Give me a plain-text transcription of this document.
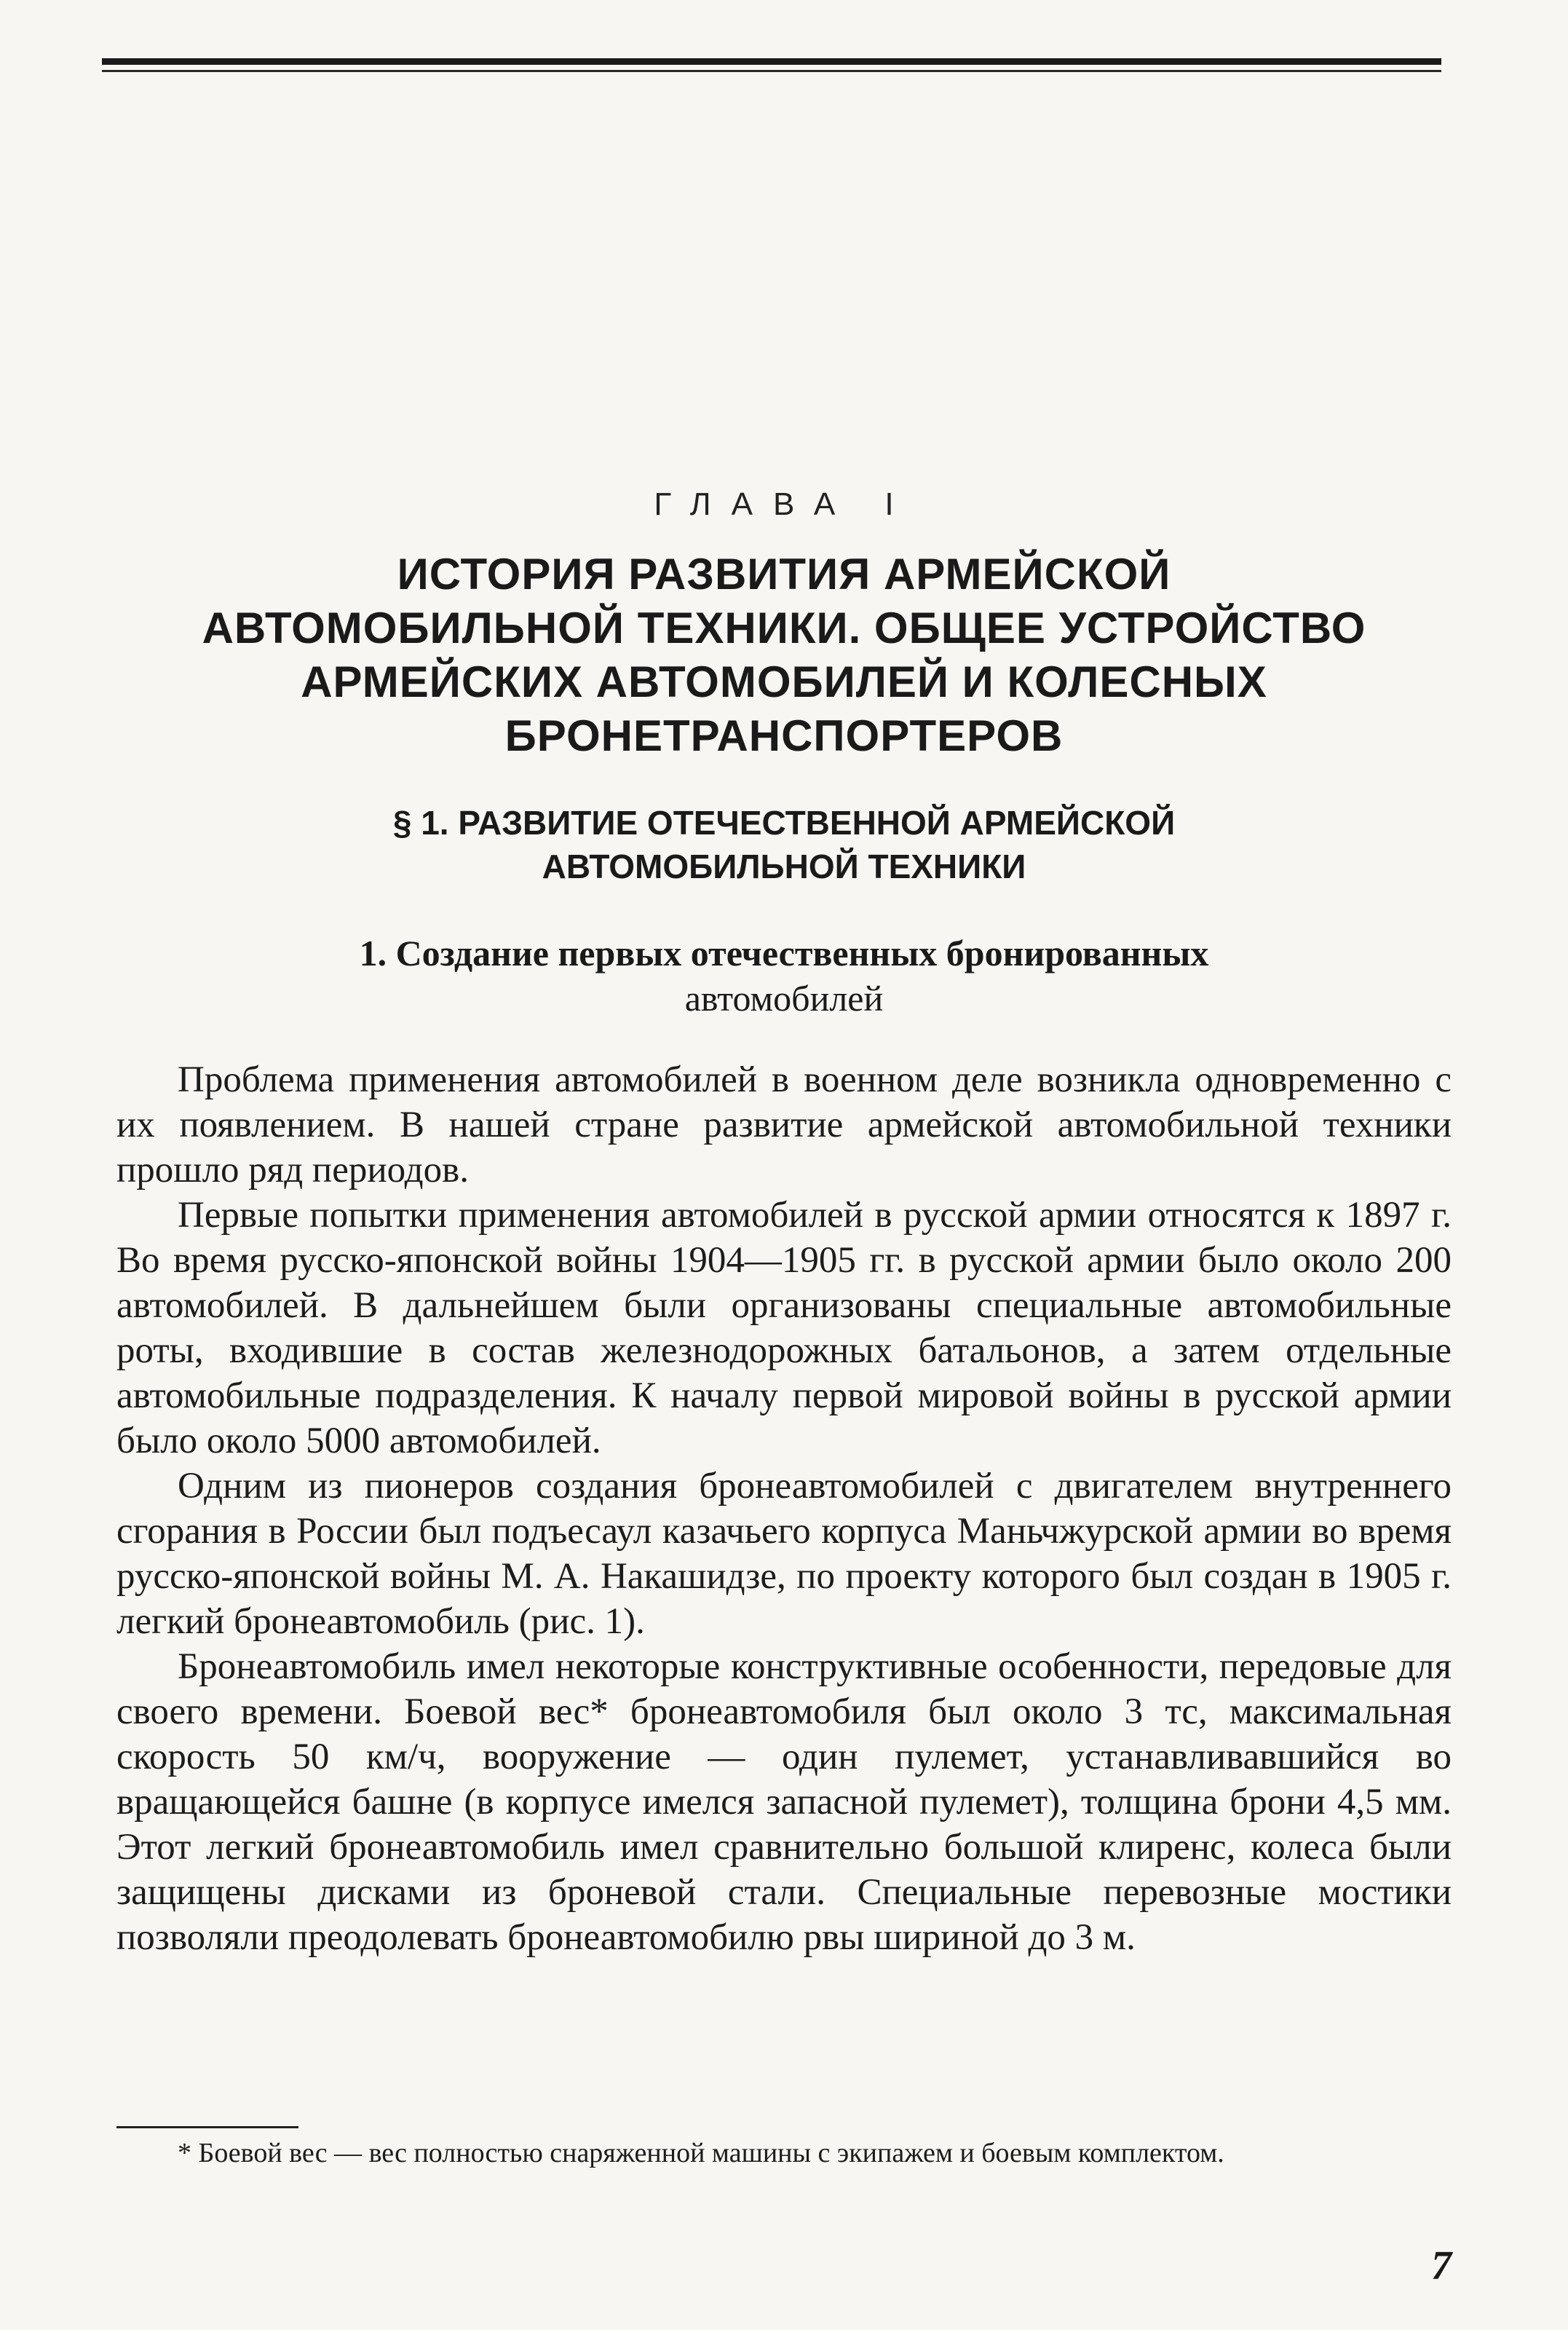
ГЛАВА I
ИСТОРИЯ РАЗВИТИЯ АРМЕЙСКОЙ
АВТОМОБИЛЬНОЙ ТЕХНИКИ. ОБЩЕЕ УСТРОЙСТВО
АРМЕЙСКИХ АВТОМОБИЛЕЙ И КОЛЕСНЫХ
БРОНЕТРАНСПОРТЕРОВ
§ 1. РАЗВИТИЕ ОТЕЧЕСТВЕННОЙ АРМЕЙСКОЙ
АВТОМОБИЛЬНОЙ ТЕХНИКИ
1. Создание первых отечественных бронированных
автомобилей

Проблема применения автомобилей в военном деле возникла одновременно с их появлением. В нашей стране развитие армейской автомобильной техники прошло ряд периодов.

Первые попытки применения автомобилей в русской армии относятся к 1897 г. Во время русско-японской войны 1904—1905 гг. в русской армии было около 200 автомобилей. В дальнейшем были организованы специальные автомобильные роты, входившие в состав железнодорожных батальонов, а затем отдельные автомобильные подразделения. К началу первой мировой войны в русской армии было около 5000 автомобилей.

Одним из пионеров создания бронеавтомобилей с двигателем внутреннего сгорания в России был подъесаул казачьего корпуса Маньчжурской армии во время русско-японской войны М. А. Накашидзе, по проекту которого был создан в 1905 г. легкий бронеавтомобиль (рис. 1).

Бронеавтомобиль имел некоторые конструктивные особенности, передовые для своего времени. Боевой вес* бронеавтомобиля был около 3 тс, максимальная скорость 50 км/ч, вооружение — один пулемет, устанавливавшийся во вращающейся башне (в корпусе имелся запасной пулемет), толщина брони 4,5 мм. Этот легкий бронеавтомобиль имел сравнительно большой клиренс, колеса были защищены дисками из броневой стали. Специальные перевозные мостики позволяли преодолевать бронеавтомобилю рвы шириной до 3 м.

* Боевой вес — вес полностью снаряженной машины с экипажем и боевым комплектом.
7
